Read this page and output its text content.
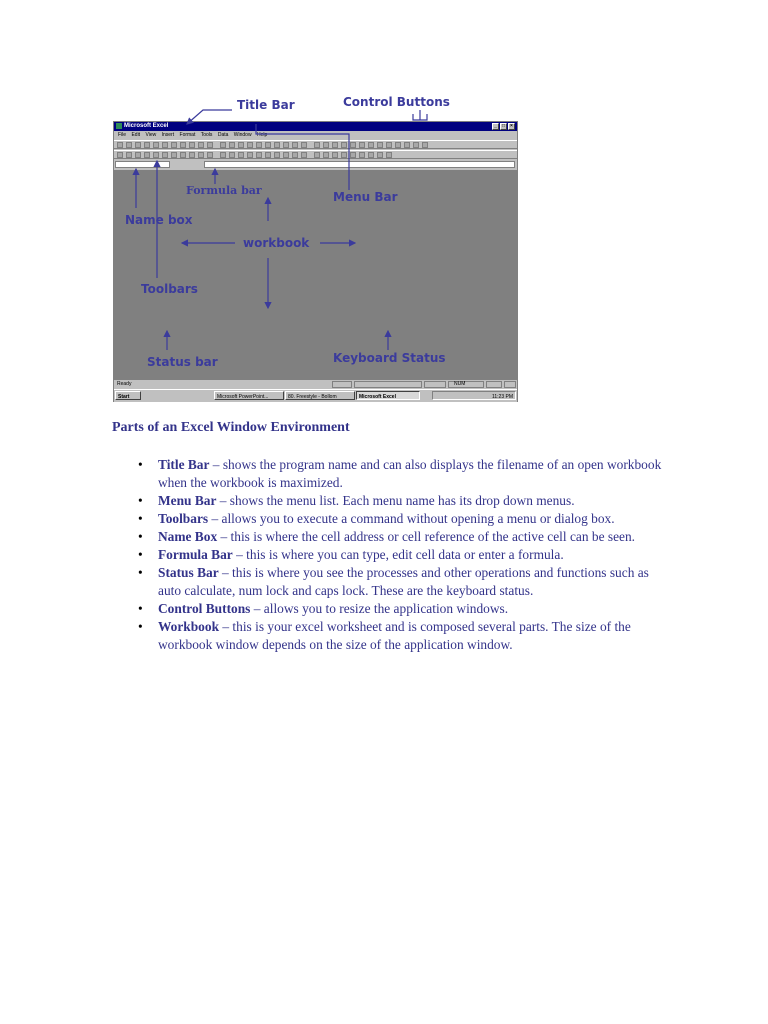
Microsoft Excel	_	□	×
File Edit View Insert Format Tools Data Window Help
Ready	NUM
Start	Microsoft PowerPoint...	80. Freestyle - Bollom	Microsoft Excel	11:23 PM
Title Bar	Control Buttons
Formula bar	Menu Bar
Name box
workbook
Toolbars
Status bar	Keyboard Status
Parts of an Excel Window Environment
• Title Bar – shows the program name and can also displays the filename of an open workbook when the workbook is maximized.
• Menu Bar – shows the menu list. Each menu name has its drop down menus.
• Toolbars – allows you to execute a command without opening a menu or dialog box.
• Name Box – this is where the cell address or cell reference of the active cell can be seen.
• Formula Bar – this is where you can type, edit cell data or enter a formula.
• Status Bar – this is where you see the processes and other operations and functions such as auto calculate, num lock and caps lock. These are the keyboard status.
• Control Buttons – allows you to resize the application windows.
• Workbook – this is your excel worksheet and is composed several parts. The size of the workbook window depends on the size of the application window.
